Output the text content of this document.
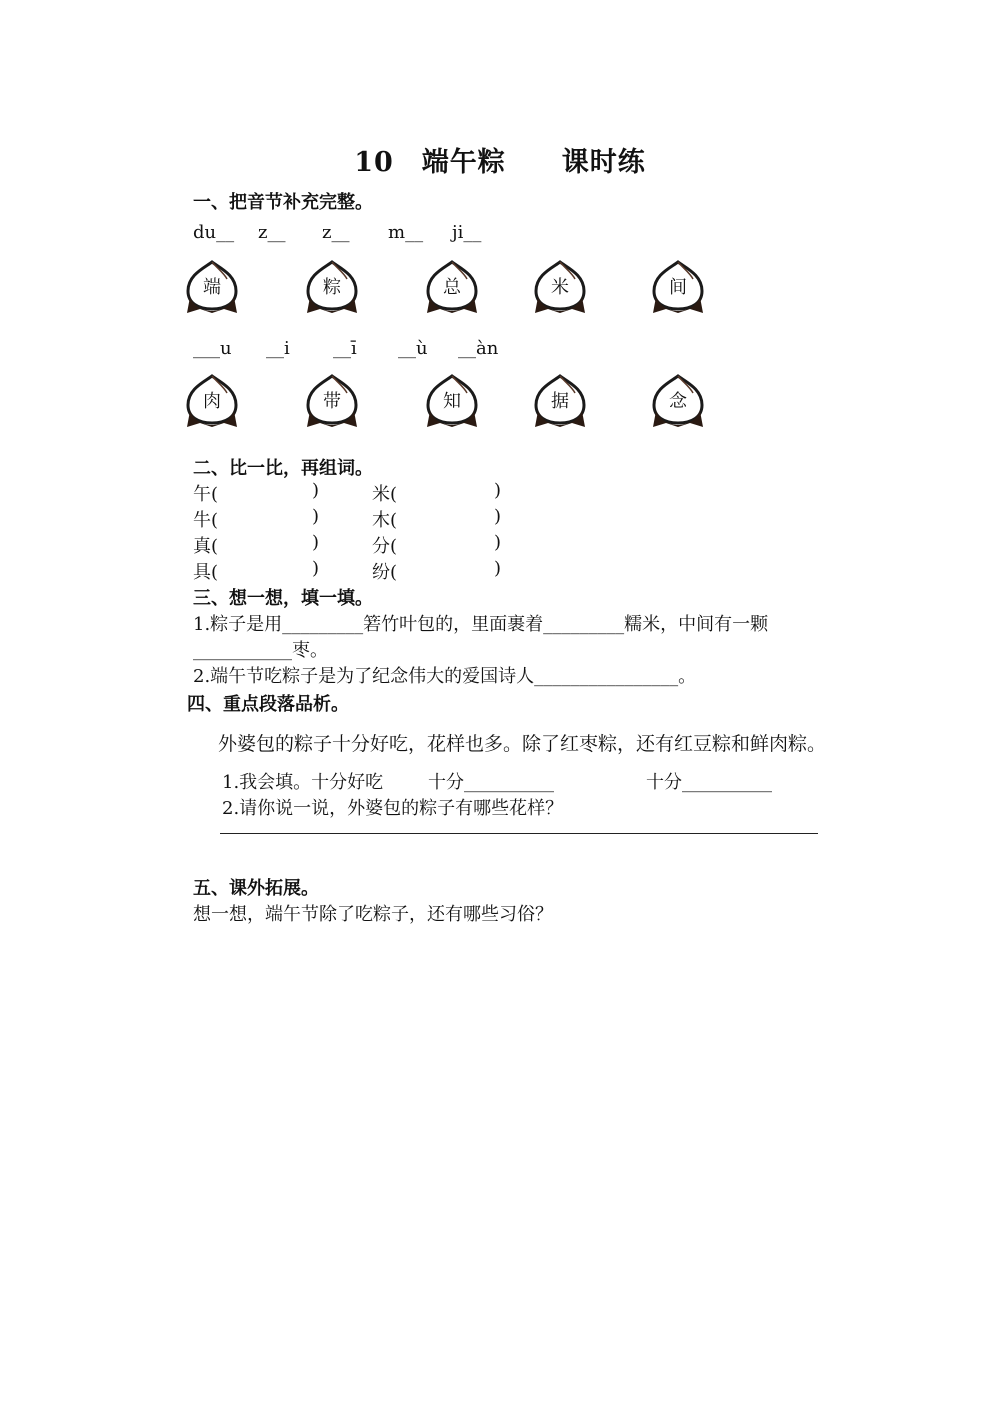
10　端午粽　　课时练
一、把音节补充完整。
du__ z__ z__ m__ ji__
端	粽	总	米	间
___u __i __ī __ù __àn
肉	带	知	据	念
二、比一比，再组词。
午(	)	米(	)
牛(	)	木(	)
真(	)	分(	)
具(	)	纷(	)
三、想一想，填一填。
1.粽子是用_________箬竹叶包的，里面裹着_________糯米，中间有一颗
___________枣。
2.端午节吃粽子是为了纪念伟大的爱国诗人________________。
四、重点段落品析。
外婆包的粽子十分好吃，花样也多。除了红枣粽，还有红豆粽和鲜肉粽。
1.我会填。十分好吃 十分__________	十分__________
2.请你说一说，外婆包的粽子有哪些花样？
五、课外拓展。
想一想，端午节除了吃粽子，还有哪些习俗？
